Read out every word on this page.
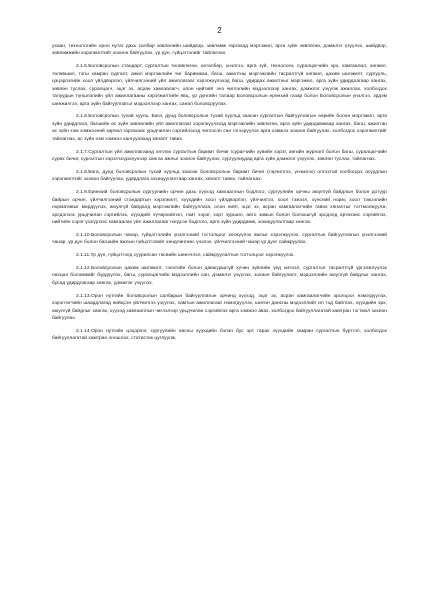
2

ухаан, технологийн орон нутаг дахь салбар зөвлөлийн шийдвэр, зөвлөмж гаргахад мэргэжил, арга зүйн зөвлөгөө, дэмжлэг үзүүлэх, шийдвэр, зөвлөмжийн хэрэгжилтийг хохион байгуулах, үр дүн, гүйцэтгэлийг тайлагнах.

2.1.5.Боловсролын стандарт, сургалтын төлөвлөгөө, хөтөлбөр, үнэлгээ, арга зүй, технологи, суралцагчийн эрх, хамгаалал, хөгжил, төлөвшил, тэгш хамран сургалт, ажил мэргэжлийн чиг баримжаа, багш, ажилтны мэргэжлийн тасралтгүй хөгжил, цахим шилжилт, сургууль, цэцэрлэгийн хоол үйлдвэрлэл, үйлчилгээний үйл ажиллагааг хэрэгжүүлэхэд багш, удирдах ажилтныг мэргэжил, арга зүйн удирдлагаар хангах, зөвлөн туслах, суралцагч, эцэг эх, асран хамгаалагч, олон нийтийг энэ чиглэлийн мэдээллээр хангах, дэмжлэг үзүүлж ажиллах, холбогдох талуудын түншлэлийн үйл ажиллагааны хэрэгжилтийн явц, үр дүнгийн талаар Боловсролын ерөнхий газар болон Боловсролын үнэлгээ, эрдэм шинжилгээ, арга зүйн байгууллагыг мэдээллээр хангах, санал боловсруулах.

2.1.6.Боловсролын тухай хууль, Бага, дунд боловсролын тухай хуульд заасан сургалтын байгууллагын өөрийн болон мэргэжил, арга зүйн удирдлага, багшийн өс зүйн зөвлөлийн үйл ажиллагааг хэрэгжүүлэхэд мэргэжлийн зөвлөгөө, арга зүйн удирдамжаар хангах, багш, ажилтан өс зүйн хэм хэмжээний зөрчил гаргахаас урьдчилан сэргийлэхэд чиглэсэн сөн гэгээрүүлэх арга хэмжээ зохион байгуулах, холбогдох хэрэгжилтийг тайлагнах, өс зүйн хэм хэмжээ хангуулахад хяналт тавих.

2.1.7.Сургалтын үйл ажиллагаанд хөтлөх сургалтын баримт бичиг /сурагчийн хувийн хэрэг, ангийн журнал/ болон багш, суралцагчийн сурах бичиг, сургалтын хэрэглэгдэхүүнээр хангах ажлыг зохион байгуулах, сургуулиудад арга зүйн дэмжлэг үзүүлэх, зөвлөн туслах, тайлагнах.

2.1.8.Бага, дунд боловсролын тухай хуульд заасан боловсролын баримт бичиг (гэрчилгээ, үнэмлэх) олгохтой холбогдох асуудлын хэрэгжилтийг зохион байгуулах, удирдлага зохицуулалтаар хангах, хяналт тавих, тайлагнах.

2.1.9.Ерөнхий боловсролын сургуулийн орчин дахь хүүхэд хамгааллын бодлого, сургуулийн орчны аюулгүй байдлын болон дотуур байрын орчин, үйлчилгээний стандартын хэрэгжилт, хүүхдийн хоол үйлдвэрлэл, үйлчилгээ, хоол тэжээл, хүнсний норм, хоол тэжээлийн нормативыг мөрдүүлэх, аюулгүй байдалд мэргэжлийн байгууллага, олон нийт, эцэг эх, асран хамгаалагчийн тавих хяналтыг тогтмолжуулж, эрсдэлээс урьдчилан сэргийлэх, хүүхдийг хүчирхийлэл, гэмт хэрэг, хорт зуршил, авто замын болон болзошгүй эрсдэлд өртөхөөс сэргийлэх, нийтийн сэрэг үзэгдлээс хамгаалах үйл ажиллагааг нэгдсэн бодлого, арга зүйн удирдамж, зохицуулалтаар хангах.

2.1.10.Боловсролын чанар, гүйцэтгэлийн үнэлгээний тогтолцоог хөгжүүлэх ажлыг хэрэгжүүлэх, сургалтын байгууллагын үнэлгээний чанар, үр дүн болон багшийн ажлын гүйцэтгэлийг хөндлөнгөөс үнэлэх, үйлчилгээний чанар үр дүнг сайжруулах.

2.1.11.Үр дүн, гүйцэтгэлд суурилсан төсвийн шинэчлэл, сайжруулалтын тогтолцоог хэрэгжүүлэх.

2.1.12.Боловсролын цахим шилжилт, гэнэтийн болон давагдашгүй хүчин зүйлийн үед хичээл, сургалтыг тасралтгүй үргэлжлүүлэх нөхцөл боломжийг бүрдүүлэх, багш, суралцагчийн мэдээллийн сан, дэмжлэг үзүүлэх, зохион байгуулалт, мэдээллийн аюулгүй байдлыг хангах, бусад удирдлагаар хангах, дэмжлэг үзүүлэх.

2.1.13.Орон нутгийн боловсролын салбарын байгууллагын орчинд хүүхэд, эцэг эх, асран хамгаалагчийн оролцоог нэмэгдүүлэх, хэрэглэгчийн шаардлагад нийцсэн үйлчилгээ үзүүлэх, хамтын ажиллагааг нэмэгдүүлэх, шилэн дансны мэдээллийг ил тод байлгах, хүүхдийн эрх, аюулгүй байдлыг хангах, хүүхэд хамгааллын чиглэлээр урьдчилан сэргийлэх арга хэмжээ авах, холбогдох байгууллагатай хамтран тогтмол зохион байгуулах.

2.1.14.Орон нутгийн цэцэрлэг, сургуулийн насны хүүхдийн бэлэн бус эрт гарах хүүхдийн хамран сургалтын бүртгэл, холбогдох байгууллагатай хамтран оношлох, статистик цуглуулж,
